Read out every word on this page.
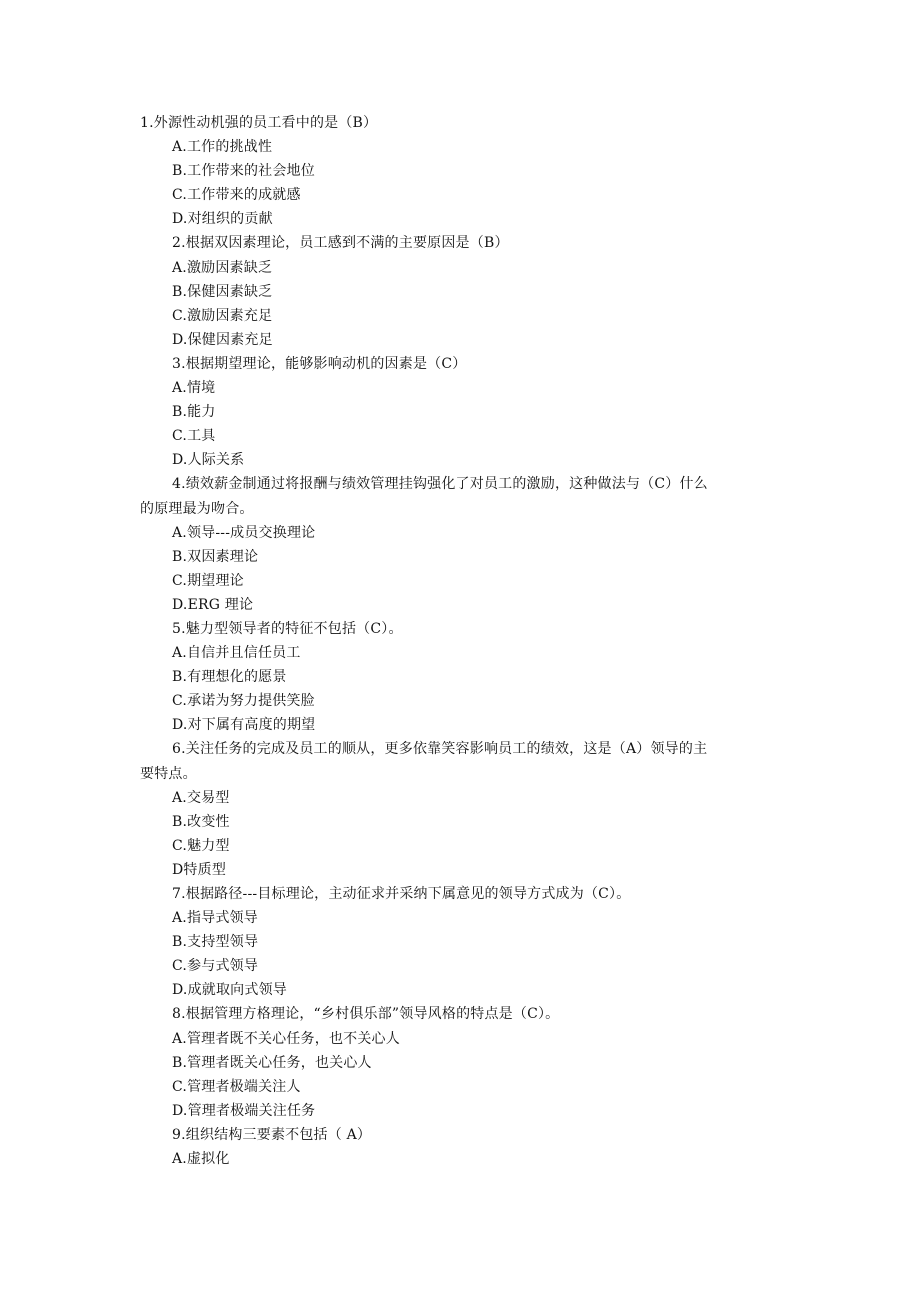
1.外源性动机强的员工看中的是（B）
A.工作的挑战性
B.工作带来的社会地位
C.工作带来的成就感
D.对组织的贡献
2.根据双因素理论，员工感到不满的主要原因是（B）
A.激励因素缺乏
B.保健因素缺乏
C.激励因素充足
D.保健因素充足
3.根据期望理论，能够影响动机的因素是（C）
A.情境
B.能力
C.工具
D.人际关系
4.绩效薪金制通过将报酬与绩效管理挂钩强化了对员工的激励，这种做法与（C）什么
的原理最为吻合。
A.领导---成员交换理论
B.双因素理论
C.期望理论
D.ERG 理论
5.魅力型领导者的特征不包括（C）。
A.自信并且信任员工
B.有理想化的愿景
C.承诺为努力提供笑脸
D.对下属有高度的期望
6.关注任务的完成及员工的顺从，更多依靠笑容影响员工的绩效，这是（A）领导的主
要特点。
A.交易型
B.改变性
C.魅力型
D特质型
7.根据路径---目标理论，主动征求并采纳下属意见的领导方式成为（C）。
A.指导式领导
B.支持型领导
C.参与式领导
D.成就取向式领导
8.根据管理方格理论，“乡村俱乐部”领导风格的特点是（C）。
A.管理者既不关心任务，也不关心人
B.管理者既关心任务，也关心人
C.管理者极端关注人
D.管理者极端关注任务
9.组织结构三要素不包括（ A）
A.虚拟化
